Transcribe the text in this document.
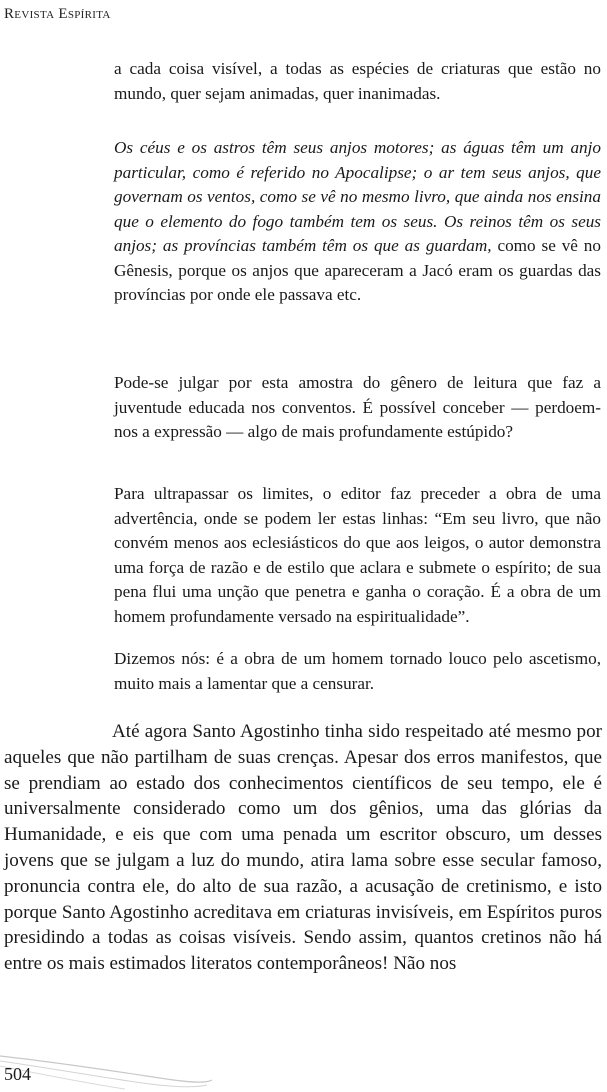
Revista Espírita

a cada coisa visível, a todas as espécies de criaturas que estão no mundo, quer sejam animadas, quer inanimadas.

Os céus e os astros têm seus anjos motores; as águas têm um anjo particular, como é referido no Apocalipse; o ar tem seus anjos, que governam os ventos, como se vê no mesmo livro, que ainda nos ensina que o elemento do fogo também tem os seus. Os reinos têm os seus anjos; as províncias também têm os que as guardam, como se vê no Gênesis, porque os anjos que apareceram a Jacó eram os guardas das províncias por onde ele passava etc.

Pode-se julgar por esta amostra do gênero de leitura que faz a juventude educada nos conventos. É possível conceber — perdoem-nos a expressão — algo de mais profundamente estúpido?

Para ultrapassar os limites, o editor faz preceder a obra de uma advertência, onde se podem ler estas linhas: “Em seu livro, que não convém menos aos eclesiásticos do que aos leigos, o autor demonstra uma força de razão e de estilo que aclara e submete o espírito; de sua pena flui uma unção que penetra e ganha o coração. É a obra de um homem profundamente versado na espiritualidade”.

Dizemos nós: é a obra de um homem tornado louco pelo ascetismo, muito mais a lamentar que a censurar.

Até agora Santo Agostinho tinha sido respeitado até mesmo por aqueles que não partilham de suas crenças. Apesar dos erros manifestos, que se prendiam ao estado dos conhecimentos científicos de seu tempo, ele é universalmente considerado como um dos gênios, uma das glórias da Humanidade, e eis que com uma penada um escritor obscuro, um desses jovens que se julgam a luz do mundo, atira lama sobre esse secular famoso, pronuncia contra ele, do alto de sua razão, a acusação de cretinismo, e isto porque Santo Agostinho acreditava em criaturas invisíveis, em Espíritos puros presidindo a todas as coisas visíveis. Sendo assim, quantos cretinos não há entre os mais estimados literatos contemporâneos! Não nos

504
